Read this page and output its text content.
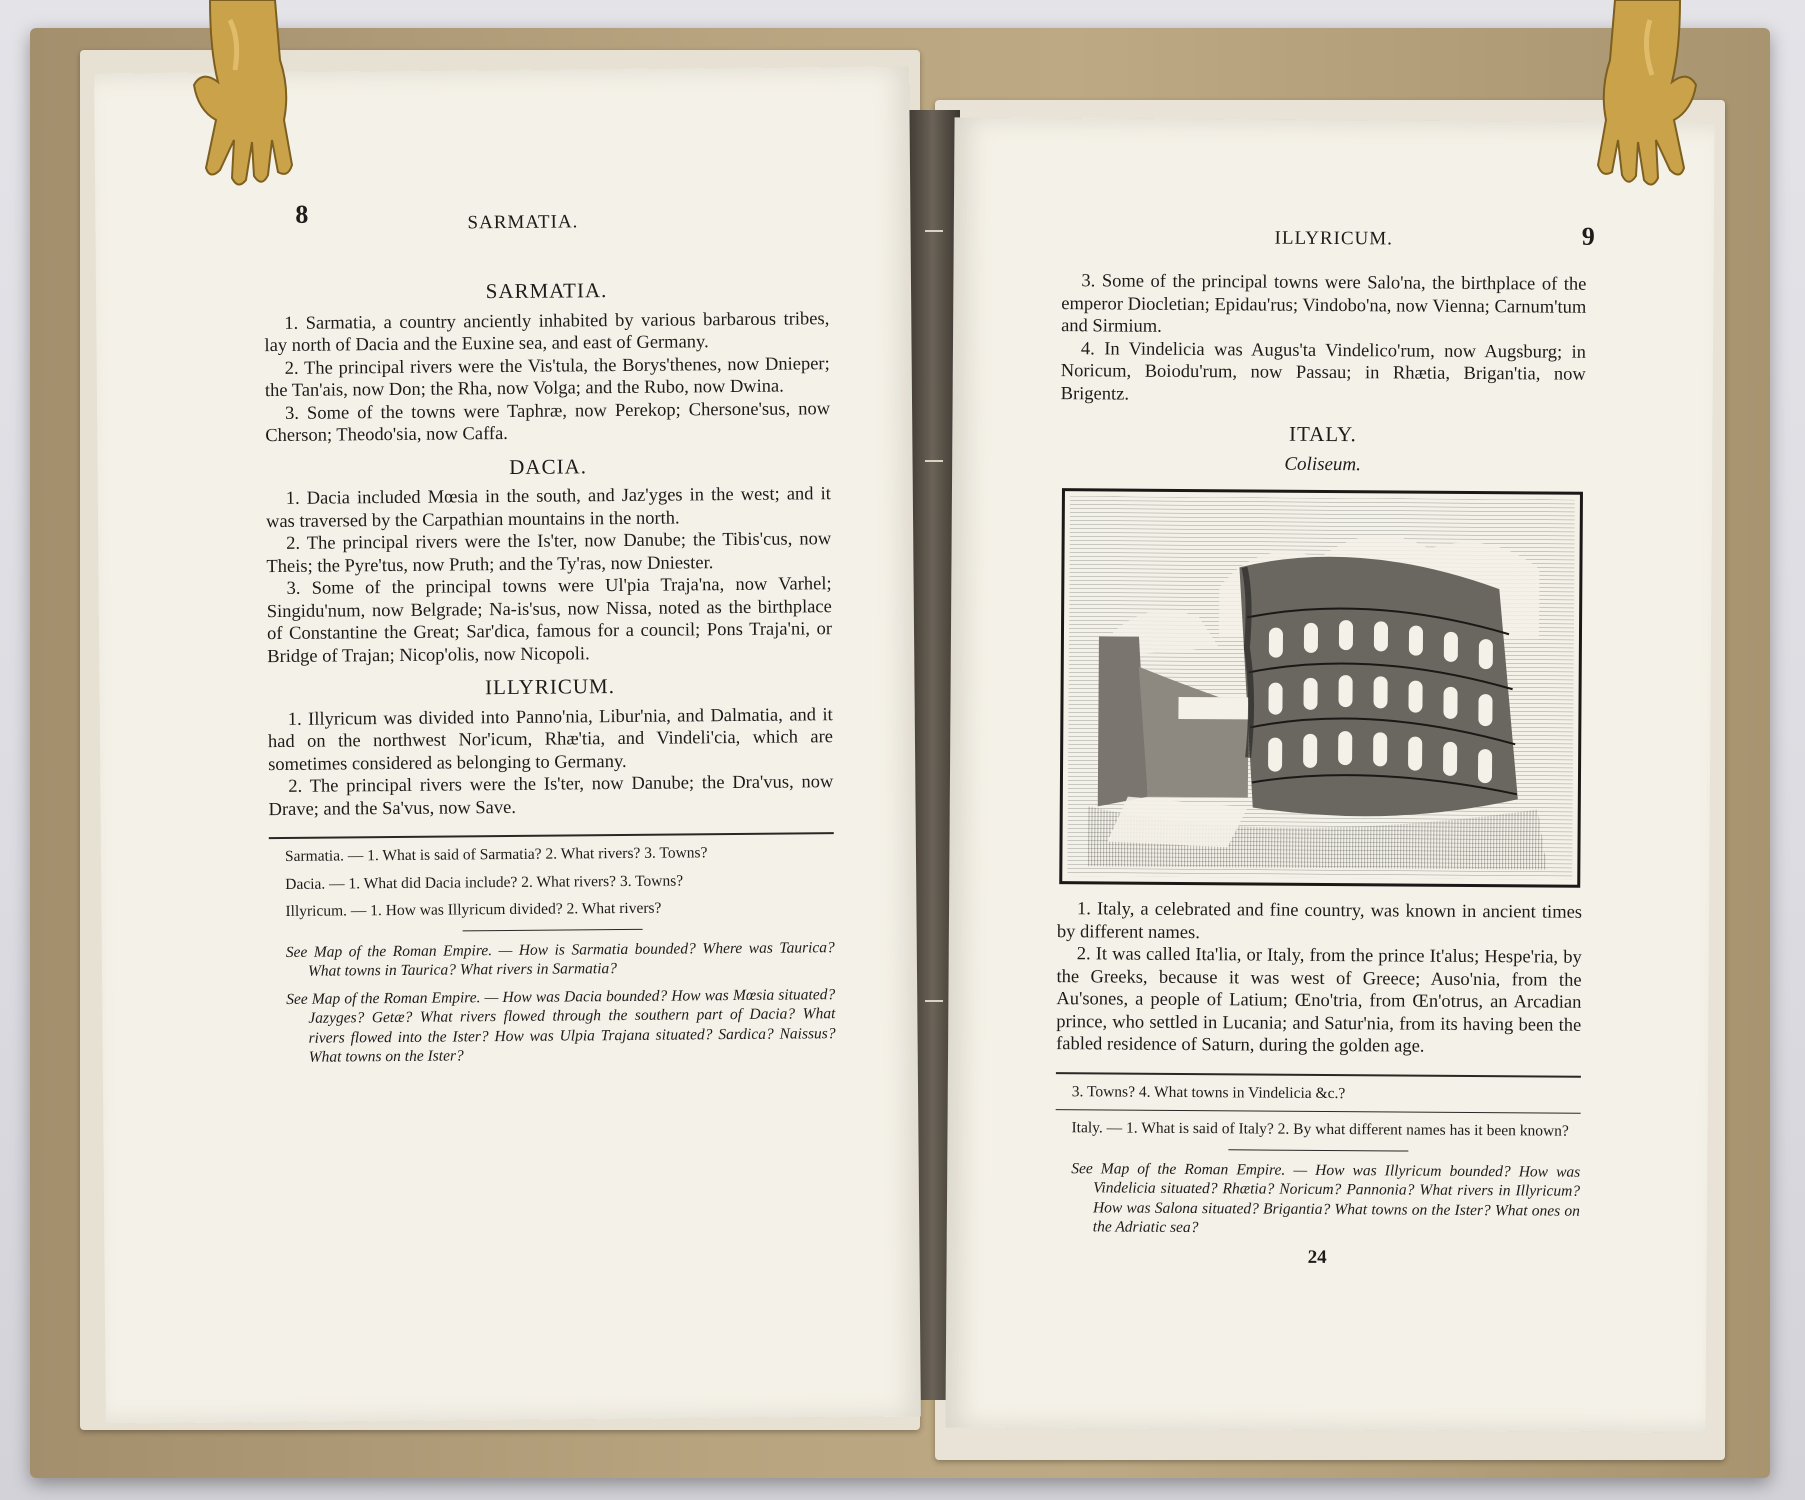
8	SARMATIA.
SARMATIA.

1. Sarmatia, a country anciently inhabited by various barbarous tribes, lay north of Dacia and the Euxine sea, and east of Germany.

2. The principal rivers were the Vis'tula, the Borys'thenes, now Dnieper; the Tan'ais, now Don; the Rha, now Volga; and the Rubo, now Dwina.

3. Some of the towns were Taphræ, now Perekop; Chersone'sus, now Cherson; Theodo'sia, now Caffa.

DACIA.

1. Dacia included Mœsia in the south, and Jaz'yges in the west; and it was traversed by the Carpathian mountains in the north.

2. The principal rivers were the Is'ter, now Danube; the Tibis'cus, now Theis; the Pyre'tus, now Pruth; and the Ty'ras, now Dniester.

3. Some of the principal towns were Ul'pia Traja'na, now Varhel; Singidu'num, now Belgrade; Na-is'sus, now Nissa, noted as the birthplace of Constantine the Great; Sar'dica, famous for a council; Pons Traja'ni, or Bridge of Trajan; Nicop'olis, now Nicopoli.

ILLYRICUM.

1. Illyricum was divided into Panno'nia, Libur'nia, and Dalmatia, and it had on the northwest Nor'icum, Rhæ'tia, and Vindeli'cia, which are sometimes considered as belonging to Germany.

2. The principal rivers were the Is'ter, now Danube; the Dra'vus, now Drave; and the Sa'vus, now Save.

Sarmatia. — 1. What is said of Sarmatia? 2. What rivers? 3. Towns?

Dacia. — 1. What did Dacia include? 2. What rivers? 3. Towns?

Illyricum. — 1. How was Illyricum divided? 2. What rivers?

See Map of the Roman Empire. — How is Sarmatia bounded? Where was Taurica? What towns in Taurica? What rivers in Sarmatia?

See Map of the Roman Empire. — How was Dacia bounded? How was Mœsia situated? Jazyges? Getæ? What rivers flowed through the southern part of Dacia? What rivers flowed into the Ister? How was Ulpia Trajana situated? Sardica? Naissus? What towns on the Ister?

ILLYRICUM.	9

3. Some of the principal towns were Salo'na, the birthplace of the emperor Diocletian; Epidau'rus; Vindobo'na, now Vienna; Carnum'tum and Sirmium.

4. In Vindelicia was Augus'ta Vindelico'rum, now Augsburg; in Noricum, Boiodu'rum, now Passau; in Rhætia, Brigan'tia, now Brigentz.

ITALY.
Coliseum.

1. Italy, a celebrated and fine country, was known in ancient times by different names.

2. It was called Ita'lia, or Italy, from the prince It'alus; Hespe'ria, by the Greeks, because it was west of Greece; Auso'nia, from the Au'sones, a people of Latium; Œno'tria, from Œn'otrus, an Arcadian prince, who settled in Lucania; and Satur'nia, from its having been the fabled residence of Saturn, during the golden age.

3. Towns? 4. What towns in Vindelicia &c.?

Italy. — 1. What is said of Italy? 2. By what different names has it been known?

See Map of the Roman Empire. — How was Illyricum bounded? How was Vindelicia situated? Rhætia? Noricum? Pannonia? What rivers in Illyricum? How was Salona situated? Brigantia? What towns on the Ister? What ones on the Adriatic sea?

24
